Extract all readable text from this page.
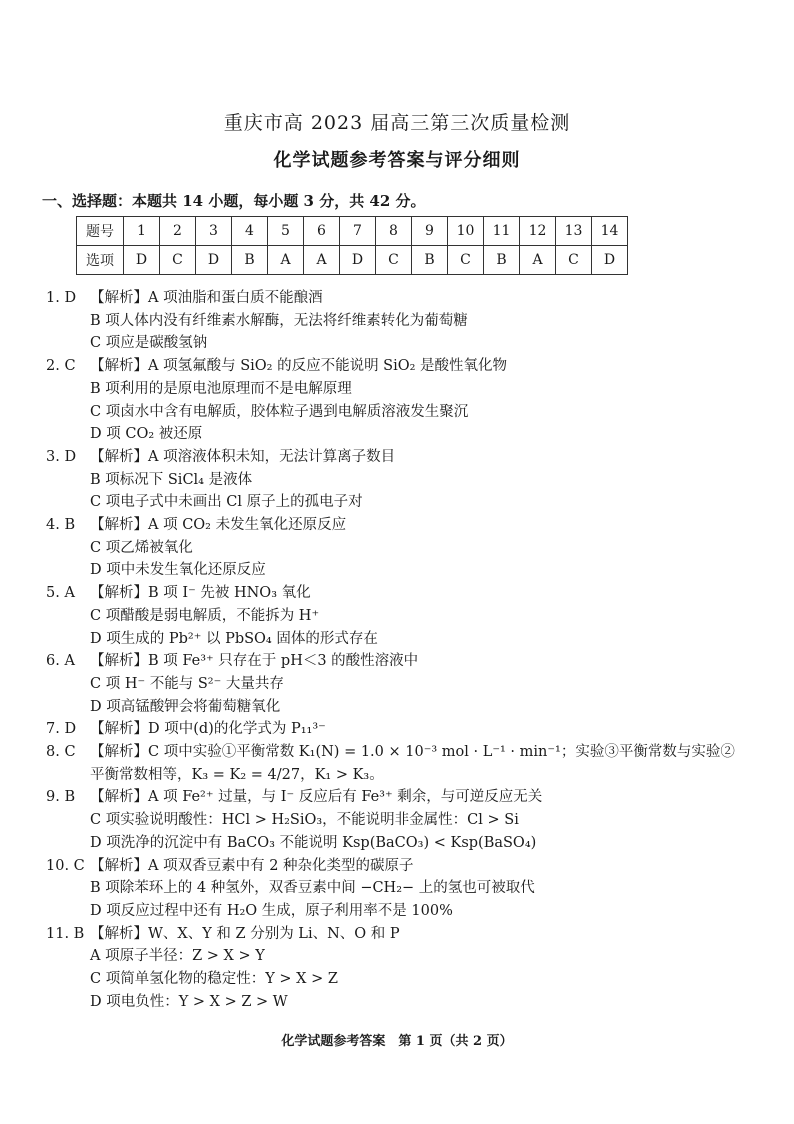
重庆市高 2023 届高三第三次质量检测
化学试题参考答案与评分细则
一、选择题：本题共 14 小题，每小题 3 分，共 42 分。
题号	1	2	3	4	5	6	7	8	9	10	11	12	13	14
选项	D	C	D	B	A	A	D	C	B	C	B	A	C	D
1. D 【解析】A 项油脂和蛋白质不能酿酒
B 项人体内没有纤维素水解酶，无法将纤维素转化为葡萄糖
C 项应是碳酸氢钠
2. C 【解析】A 项氢氟酸与 SiO₂ 的反应不能说明 SiO₂ 是酸性氧化物
B 项利用的是原电池原理而不是电解原理
C 项卤水中含有电解质，胶体粒子遇到电解质溶液发生聚沉
D 项 CO₂ 被还原
3. D 【解析】A 项溶液体积未知，无法计算离子数目
B 项标况下 SiCl₄ 是液体
C 项电子式中未画出 Cl 原子上的孤电子对
4. B 【解析】A 项 CO₂ 未发生氧化还原反应
C 项乙烯被氧化
D 项中未发生氧化还原反应
5. A 【解析】B 项 I⁻ 先被 HNO₃ 氧化
C 项醋酸是弱电解质，不能拆为 H⁺
D 项生成的 Pb²⁺ 以 PbSO₄ 固体的形式存在
6. A 【解析】B 项 Fe³⁺ 只存在于 pH＜3 的酸性溶液中
C 项 H⁻ 不能与 S²⁻ 大量共存
D 项高锰酸钾会将葡萄糖氧化
7. D 【解析】D 项中(d)的化学式为 P₁₁³⁻
8. C 【解析】C 项中实验①平衡常数 K₁(N) = 1.0 × 10⁻³ mol · L⁻¹ · min⁻¹；实验③平衡常数与实验②
平衡常数相等，K₃ = K₂ = 4/27，K₁ > K₃。
9. B 【解析】A 项 Fe²⁺ 过量，与 I⁻ 反应后有 Fe³⁺ 剩余，与可逆反应无关
C 项实验说明酸性：HCl > H₂SiO₃，不能说明非金属性：Cl > Si
D 项洗净的沉淀中有 BaCO₃ 不能说明 Ksp(BaCO₃) < Ksp(BaSO₄)
10. C 【解析】A 项双香豆素中有 2 种杂化类型的碳原子
B 项除苯环上的 4 种氢外，双香豆素中间 −CH₂− 上的氢也可被取代
D 项反应过程中还有 H₂O 生成，原子利用率不是 100%
11. B 【解析】W、X、Y 和 Z 分别为 Li、N、O 和 P
A 项原子半径：Z > X > Y
C 项简单氢化物的稳定性：Y > X > Z
D 项电负性：Y > X > Z > W
化学试题参考答案　第 1 页（共 2 页）
